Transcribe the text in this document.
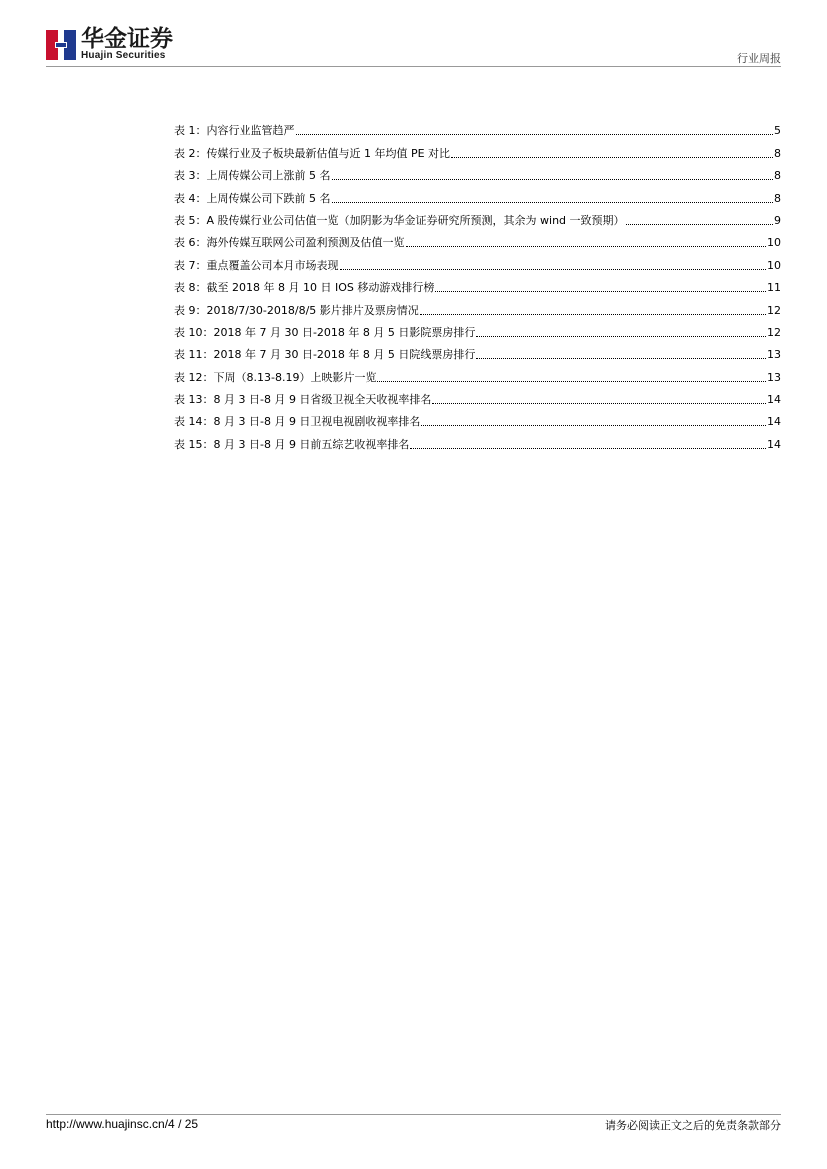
华金证券
Huajin Securities	行业周报
表 1：内容行业监管趋严	5
表 2：传媒行业及子板块最新估值与近 1 年均值 PE 对比	8
表 3：上周传媒公司上涨前 5 名	8
表 4：上周传媒公司下跌前 5 名	8
表 5：A 股传媒行业公司估值一览（加阴影为华金证券研究所预测，其余为 wind 一致预期）	9
表 6：海外传媒互联网公司盈利预测及估值一览	10
表 7：重点覆盖公司本月市场表现	10
表 8：截至 2018 年 8 月 10 日 IOS 移动游戏排行榜	11
表 9：2018/7/30-2018/8/5 影片排片及票房情况	12
表 10：2018 年 7 月 30 日-2018 年 8 月 5 日影院票房排行	12
表 11：2018 年 7 月 30 日-2018 年 8 月 5 日院线票房排行	13
表 12：下周（8.13-8.19）上映影片一览	13
表 13：8 月 3 日-8 月 9 日省级卫视全天收视率排名	14
表 14：8 月 3 日-8 月 9 日卫视电视剧收视率排名	14
表 15：8 月 3 日-8 月 9 日前五综艺收视率排名	14
http://www.huajinsc.cn/4 / 25	请务必阅读正文之后的免责条款部分
